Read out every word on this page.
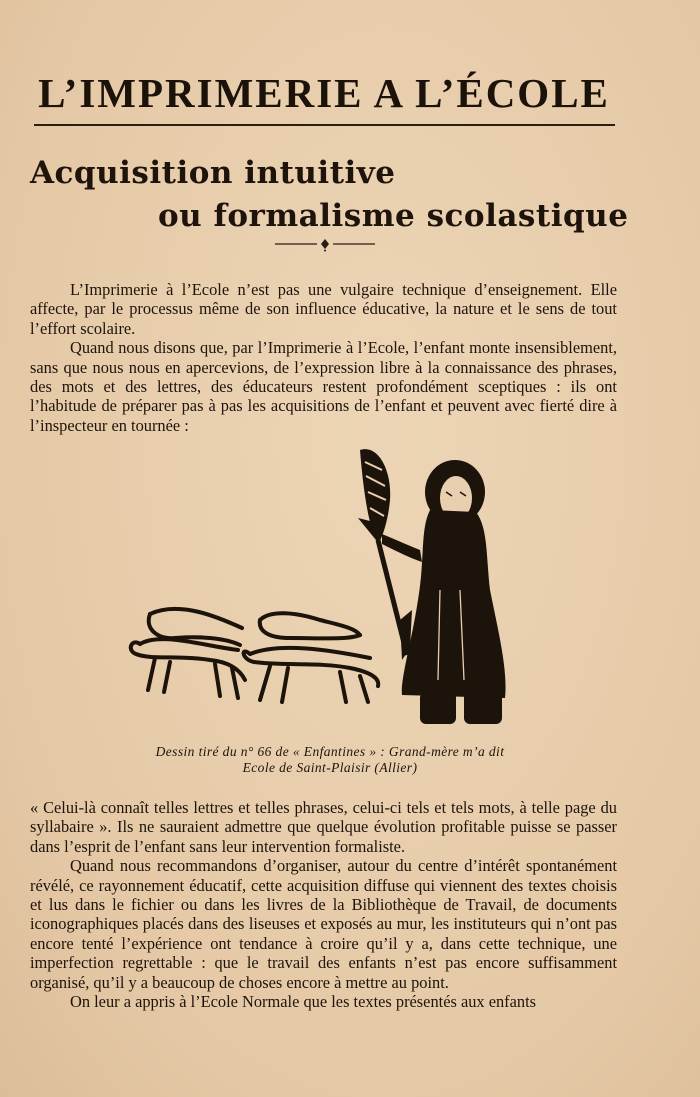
L’IMPRIMERIE A L’ÉCOLE
Acquisition intuitive
ou formalisme scolastique

L’Imprimerie à l’Ecole n’est pas une vulgaire technique d’enseignement. Elle affecte, par le processus même de son influence éducative, la nature et le sens de tout l’effort scolaire.

Quand nous disons que, par l’Imprimerie à l’Ecole, l’enfant monte insensiblement, sans que nous nous en apercevions, de l’expression libre à la connaissance des phrases, des mots et des lettres, des éducateurs restent profondément sceptiques : ils ont l’habitude de préparer pas à pas les acquisitions de l’enfant et peuvent avec fierté dire à l’inspecteur en tournée :

Dessin tiré du n° 66 de « Enfantines » : Grand-mère m’a dit
Ecole de Saint-Plaisir (Allier)

« Celui-là connaît telles lettres et telles phrases, celui-ci tels et tels mots, à telle page du syllabaire ». Ils ne sauraient admettre que quelque évolution profitable puisse se passer dans l’esprit de l’enfant sans leur intervention formaliste.

Quand nous recommandons d’organiser, autour du centre d’intérêt spontanément révélé, ce rayonnement éducatif, cette acquisition diffuse qui viennent des textes choisis et lus dans le fichier ou dans les livres de la Bibliothèque de Travail, de documents iconographiques placés dans des liseuses et exposés au mur, les instituteurs qui n’ont pas encore tenté l’expérience ont tendance à croire qu’il y a, dans cette technique, une imperfection regrettable : que le travail des enfants n’est pas encore suffisamment organisé, qu’il y a beaucoup de choses encore à mettre au point.

On leur a appris à l’Ecole Normale que les textes présentés aux enfants
